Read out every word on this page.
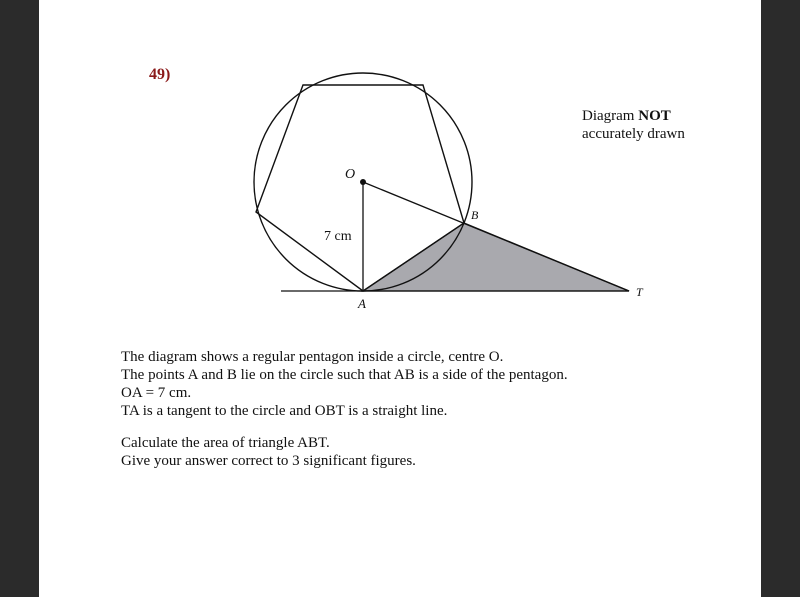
49)
Diagram NOT
accurately drawn
O
A
B
T
7 cm

The diagram shows a regular pentagon inside a circle, centre O.

The points A and B lie on the circle such that AB is a side of the pentagon.

OA = 7 cm.

TA is a tangent to the circle and OBT is a straight line.

Calculate the area of triangle ABT.

Give your answer correct to 3 significant figures.
